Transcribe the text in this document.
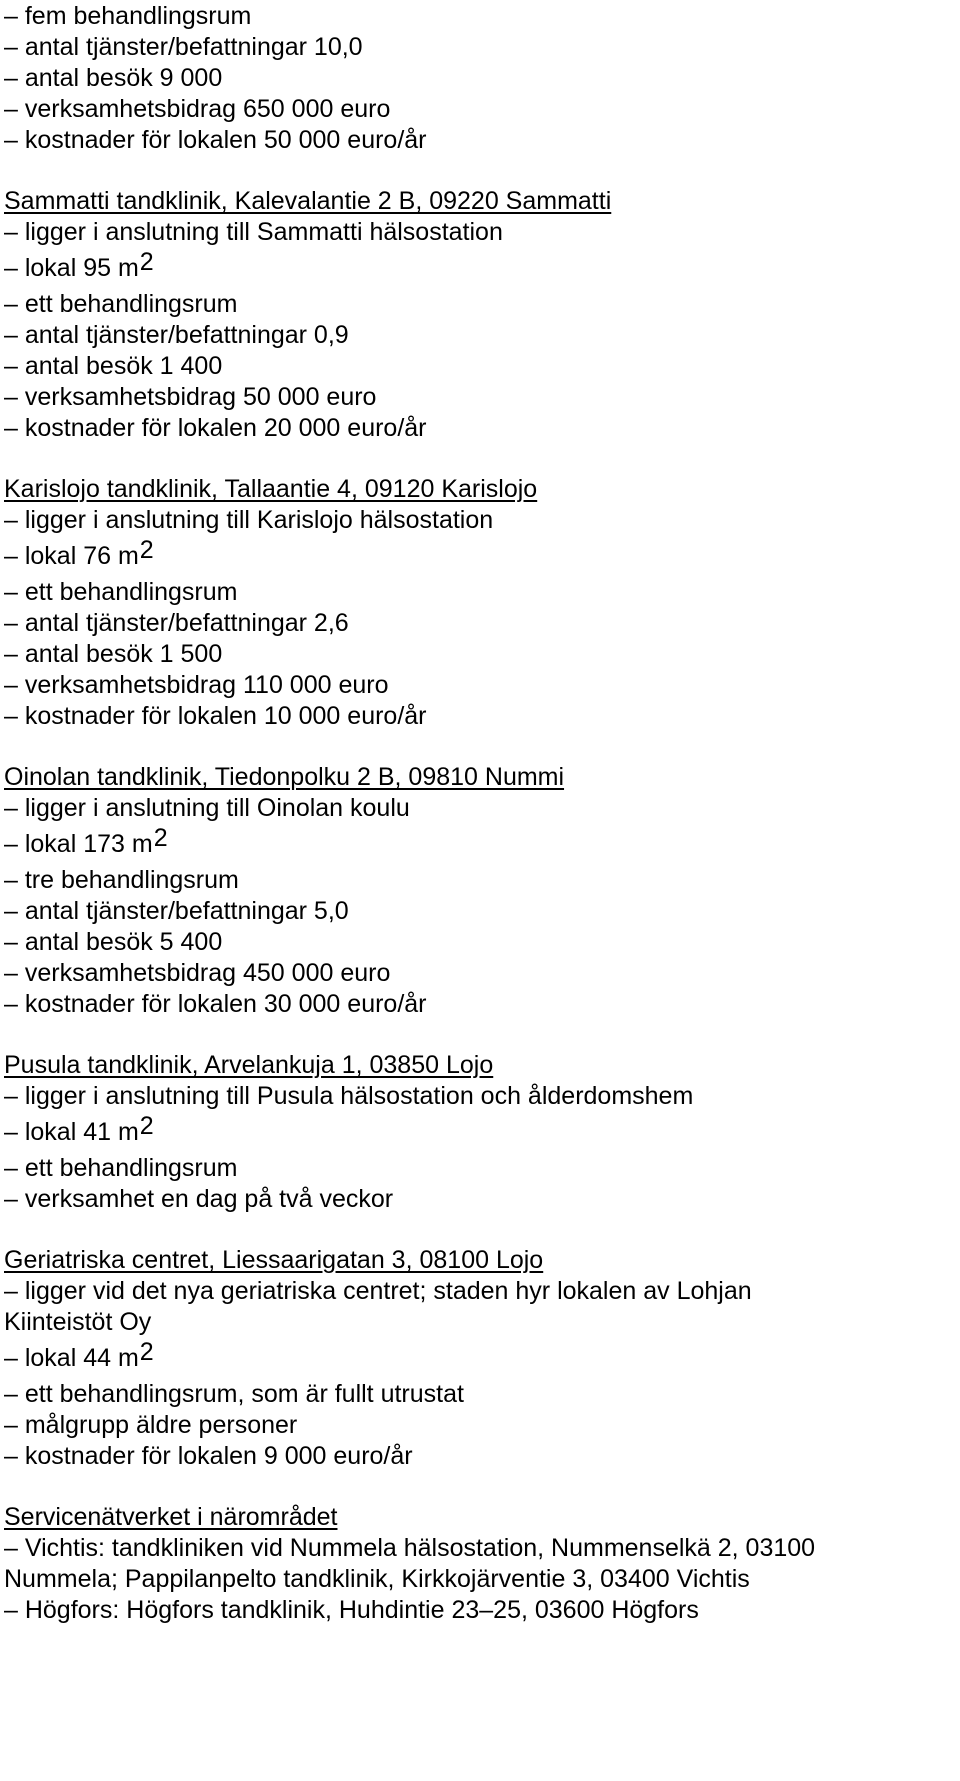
– fem behandlingsrum
– antal tjänster/befattningar 10,0
– antal besök 9 000
– verksamhetsbidrag 650 000 euro
– kostnader för lokalen 50 000 euro/år
Sammatti tandklinik, Kalevalantie 2 B, 09220 Sammatti
– ligger i anslutning till Sammatti hälsostation
– lokal 95 m2
– ett behandlingsrum
– antal tjänster/befattningar 0,9
– antal besök 1 400
– verksamhetsbidrag 50 000 euro
– kostnader för lokalen 20 000 euro/år
Karislojo tandklinik, Tallaantie 4, 09120 Karislojo
– ligger i anslutning till Karislojo hälsostation
– lokal 76 m2
– ett behandlingsrum
– antal tjänster/befattningar 2,6
– antal besök 1 500
– verksamhetsbidrag 110 000 euro
– kostnader för lokalen 10 000 euro/år
Oinolan tandklinik, Tiedonpolku 2 B, 09810 Nummi
– ligger i anslutning till Oinolan koulu
– lokal 173 m2
– tre behandlingsrum
– antal tjänster/befattningar 5,0
– antal besök 5 400
– verksamhetsbidrag 450 000 euro
– kostnader för lokalen 30 000 euro/år
Pusula tandklinik, Arvelankuja 1, 03850 Lojo
– ligger i anslutning till Pusula hälsostation och ålderdomshem
– lokal 41 m2
– ett behandlingsrum
– verksamhet en dag på två veckor
Geriatriska centret, Liessaarigatan 3, 08100 Lojo
– ligger vid det nya geriatriska centret; staden hyr lokalen av Lohjan
Kiinteistöt Oy
– lokal 44 m2
– ett behandlingsrum, som är fullt utrustat
– målgrupp äldre personer
– kostnader för lokalen 9 000 euro/år
Servicenätverket i närområdet
– Vichtis: tandkliniken vid Nummela hälsostation, Nummenselkä 2, 03100
Nummela; Pappilanpelto tandklinik, Kirkkojärventie 3, 03400 Vichtis
– Högfors: Högfors tandklinik, Huhdintie 23–25, 03600 Högfors
